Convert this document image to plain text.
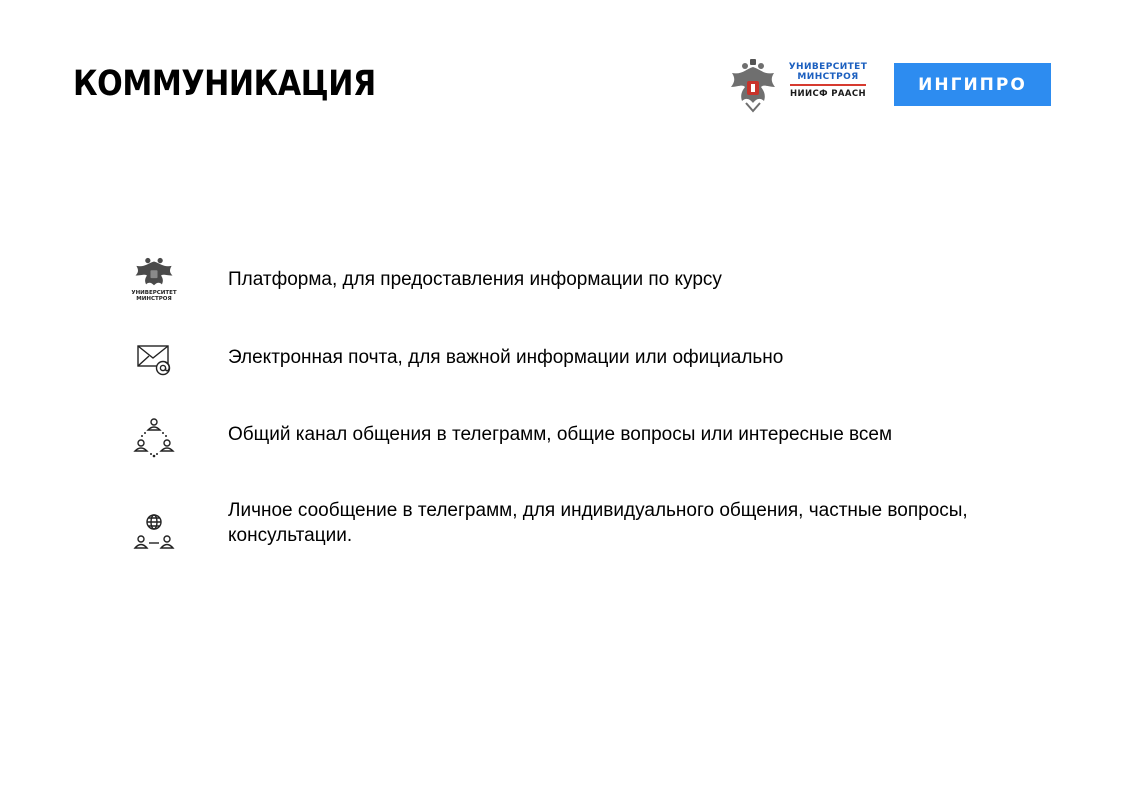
КОММУНИКАЦИЯ	УНИВЕРСИТЕТ
МИНСТРОЯ
НИИСФ РААСН	ИНГИПРО
УНИВЕРСИТЕТ
МИНСТРОЯ
Платформа, для предоставления информации по курсу
Электронная почта, для важной информации или официально
Общий канал общения в телеграмм, общие вопросы или интересные всем
Личное сообщение в телеграмм, для индивидуального общения, частные вопросы, консультации.
